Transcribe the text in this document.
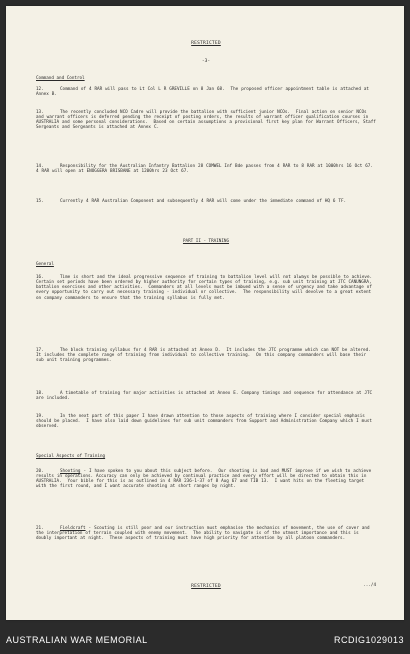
RESTRICTED
-3-
Command and Control
12.	Command of 4 RAR will pass to Lt Col L R GREVILLE on 8 Jan 68.  The proposed officer appointment table is attached at Annex B.
13.	The recently concluded NCO Cadre will provide the battalion with sufficient junior NCOs.  Final action on senior NCOs and warrant officers is deferred pending the receipt of posting orders, the results of warrant officer qualification courses in AUSTRALIA and some personal considerations.  Based on certain assumptions a provisional first key plan for Warrant Officers, Staff Sergeants and Sergeants is attached at Annex C.
14.	Responsibility for the Australian Infantry Battalion 28 COMWEL Inf Bde passes from 4 RAR to 8 RAR at 1000hrs 16 Oct 67.  4 RAR will open at ENOGGERA BRISBANE at 1200hrs 23 Oct 67.
15.	Currently 4 RAR Australian Component and subsequently 4 RAR will come under the immediate command of HQ 6 TF.
PART II - TRAINING
General
16.	Time is short and the ideal progressive sequence of training to battalion level will not always be possible to achieve.  Certain set periods have been ordered by higher authority for certain types of training, e.g. sub unit training at JTC CANUNGRA, battalion exercises and other activities.  Commanders at all levels must be imbued with a sense of urgency and take advantage of every opportunity to carry out necessary training - individual or collective.  The responsibility will devolve to a great extent on company commanders to ensure that the training syllabus is fully met.
17.	The block training syllabus for 4 RAR is attached at Annex D.  It includes the JTC programme which can NOT be altered.  It includes the complete range of training from individual to collective training.  On this company commanders will base their sub unit training programmes.
18.	A timetable of training for major activities is attached at Annex E. Company timings and sequence for attendance at JTC are included.
19.	In the next part of this paper I have drawn attention to those aspects of training where I consider special emphasis should be placed.  I have also laid down guidelines for sub unit commanders from Support and Administration Company which I must observed.
Special Aspects of Training
20.	Shooting - I have spoken to you about this subject before.  Our shooting is bad and MUST improve if we wish to achieve results in operations. Accuracy can only be achieved by continual practice and every effort will be directed to obtain this in AUSTRALIA.  Your bible for this is as outlined in 4 RAR 236-1-37 of 8 Aug 67 and TIB 13.  I want hits on the fleeting target with the first round, and I want accurate shooting at short ranges by night.
21.	Fieldcraft - Scouting is still poor and our instruction must emphasise the mechanics of movement, the use of cover and the interpretation of terrain coupled with enemy movement.  The ability to navigate is of the utmost importance and this is doubly important at night.  These aspects of training must have high priority for attention by all platoon commanders.
RESTRICTED	.../4
AUSTRALIAN WAR MEMORIAL	RCDIG1029013
